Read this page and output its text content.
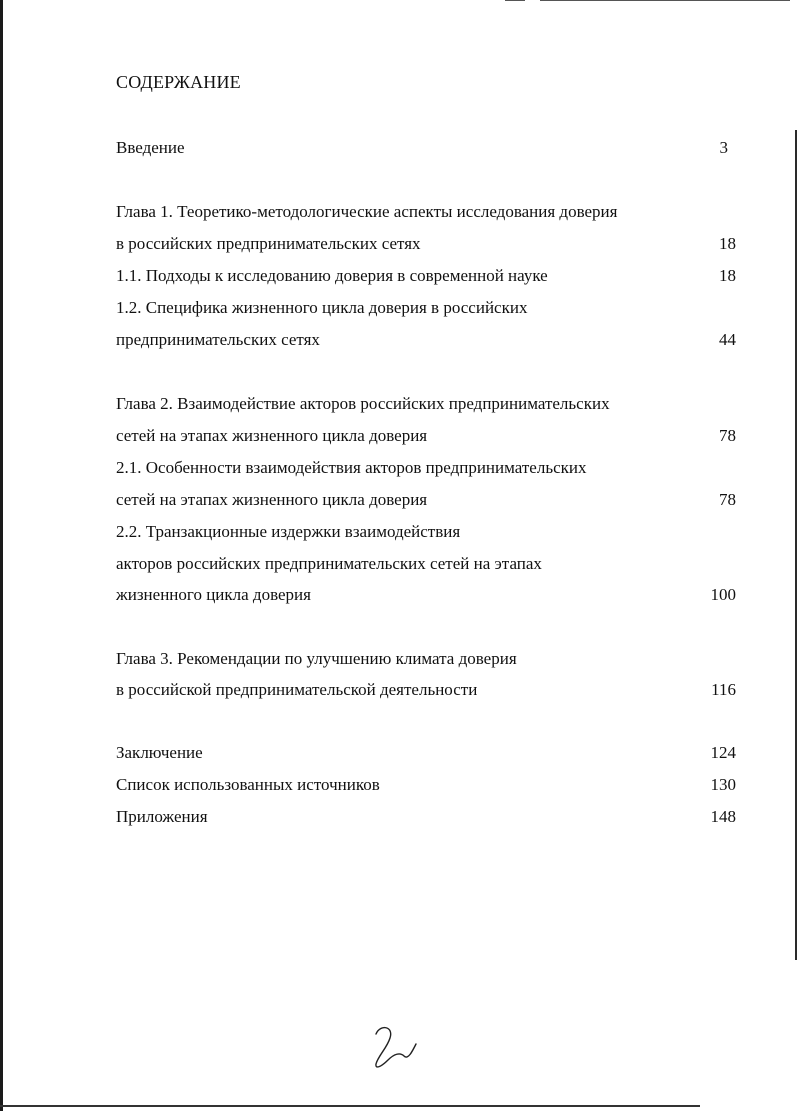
СОДЕРЖАНИЕ
Введение	3
Глава 1. Теоретико-методологические аспекты исследования доверия
в российских предпринимательских сетях	18
1.1. Подходы к исследованию доверия в современной науке	18
1.2. Специфика жизненного цикла доверия в российских
предпринимательских сетях	44
Глава 2. Взаимодействие акторов российских предпринимательских
сетей на этапах жизненного цикла доверия	78
2.1. Особенности взаимодействия акторов предпринимательских
сетей на этапах жизненного цикла доверия	78
2.2. Транзакционные издержки взаимодействия
акторов российских предпринимательских сетей на этапах
жизненного цикла доверия	100
Глава 3. Рекомендации по улучшению климата доверия
в российской предпринимательской деятельности	116
Заключение	124
Список использованных источников	130
Приложения	148
